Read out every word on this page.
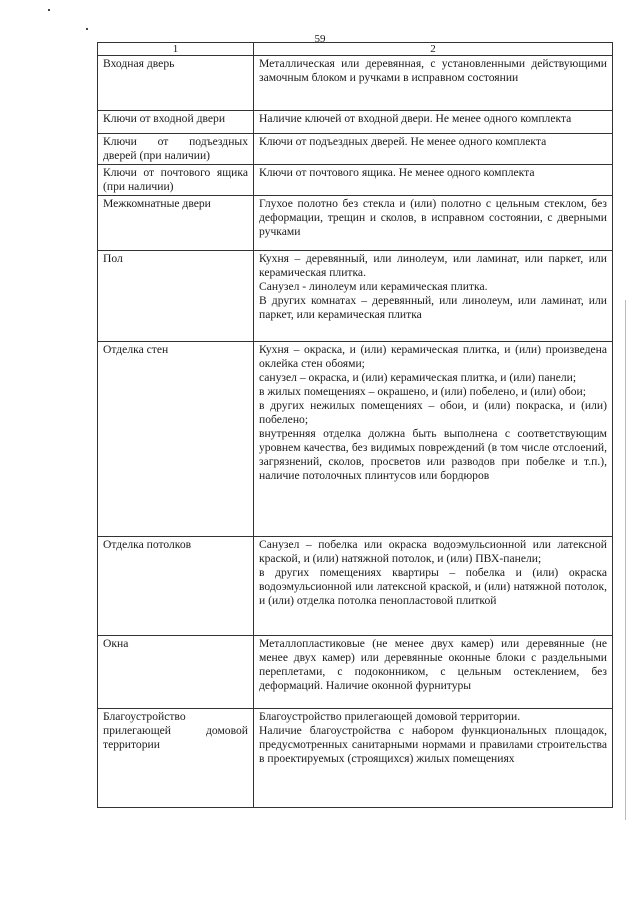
59
1	2
Входная дверь	Металлическая или деревянная, с установленными действующими замочным блоком и ручками в исправном состоянии

Ключи от входной двери	Наличие ключей от входной двери. Не менее одного комплекта

Ключи от подъездных дверей (при наличии)	Ключи от подъездных дверей. Не менее одного комплекта

Ключи от почтового ящика (при наличии)	Ключи от почтового ящика. Не менее одного комплекта

Межкомнатные двери	Глухое полотно без стекла и (или) полотно с цельным стеклом, без деформации, трещин и сколов, в исправном состоянии, с дверными ручками

Пол	Кухня – деревянный, или линолеум, или ламинат, или паркет, или керамическая плитка.

Санузел - линолеум или керамическая плитка.

В других комнатах – деревянный, или линолеум, или ламинат, или паркет, или керамическая плитка

Отделка стен	Кухня – окраска, и (или) керамическая плитка, и (или) произведена оклейка стен обоями;

санузел – окраска, и (или) керамическая плитка, и (или) панели;

в жилых помещениях – окрашено, и (или) побелено, и (или) обои;

в других нежилых помещениях – обои, и (или) покраска, и (или) побелено;

внутренняя отделка должна быть выполнена с соответствующим уровнем качества, без видимых повреждений (в том числе отслоений, загрязнений, сколов, просветов или разводов при побелке и т.п.), наличие потолочных плинтусов или бордюров

Отделка потолков	Санузел – побелка или окраска водоэмульсионной или латексной краской, и (или) натяжной потолок, и (или) ПВХ-панели;

в других помещениях квартиры – побелка и (или) окраска водоэмульсионной или латексной краской, и (или) натяжной потолок, и (или) отделка потолка пенопластовой плиткой

Окна	Металлопластиковые (не менее двух камер) или деревянные (не менее двух камер) или деревянные оконные блоки с раздельными переплетами, с подоконником, с цельным остеклением, без деформаций. Наличие оконной фурнитуры

Благоустройство прилегающей домовой территории	Благоустройство прилегающей домовой территории.

Наличие благоустройства с набором функциональных площадок, предусмотренных санитарными нормами и правилами строительства в проектируемых (строящихся) жилых помещениях
